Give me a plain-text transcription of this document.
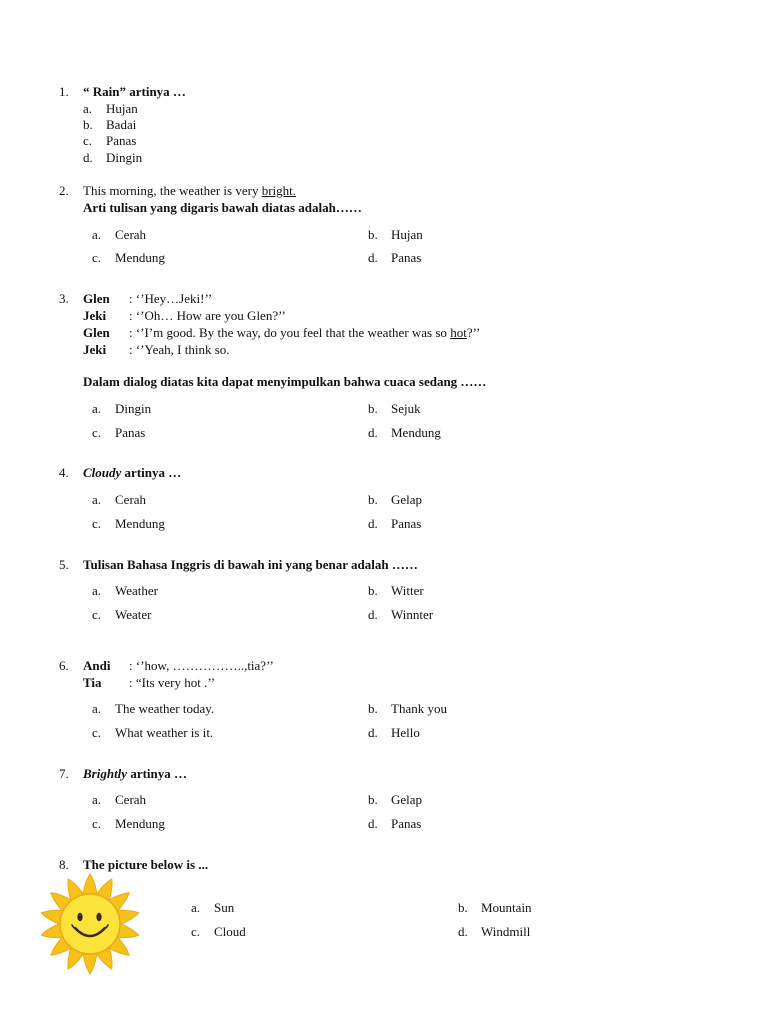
1. “ Rain” artinya …
a. Hujan
b. Badai
c. Panas
d. Dingin
2. This morning, the weather is very bright.
Arti tulisan yang digaris bawah diatas adalah……
a. Cerah	b. Hujan
c. Mendung	d. Panas
3. Glen : ‘’Hey…Jeki!’’
Jeki : ‘’Oh… How are you Glen?’’
Glen : ‘’I’m good. By the way, do you feel that the weather was so hot?’’
Jeki : ‘’Yeah, I think so.
Dalam dialog diatas kita dapat menyimpulkan bahwa cuaca sedang ……
a. Dingin	b. Sejuk
c. Panas	d. Mendung
4. Cloudy artinya …
a. Cerah	b. Gelap
c. Mendung	d. Panas
5. Tulisan Bahasa Inggris di bawah ini yang benar adalah ……
a. Weather	b. Witter
c. Weater	d. Winnter
6. Andi : ‘’how, ……………..,tia?’’
Tia : “Its very hot .’’
a. The weather today.	b. Thank you
c. What weather is it.	d. Hello
7. Brightly artinya …
a. Cerah	b. Gelap
c. Mendung	d. Panas
8. The picture below is ...
a. Sun	b. Mountain
c. Cloud	d. Windmill
